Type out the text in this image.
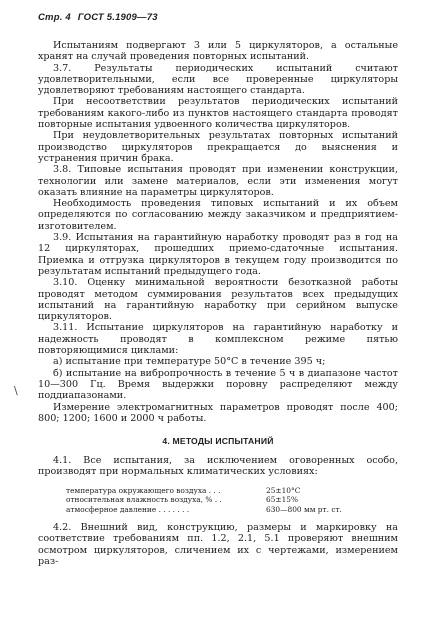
Стр. 4 ГОСТ 5.1909—73

Испытаниям подвергают 3 или 5 циркуляторов, а остальные хранят на случай проведения повторных испытаний.

3.7. Результаты периодических испытаний считают удовлетворительными, если все проверенные циркуляторы удовлетворяют требованиям настоящего стандарта.

При несоответствии результатов периодических испытаний требованиям какого-либо из пунктов настоящего стандарта проводят повторные испытания удвоенного количества циркуляторов.

При неудовлетворительных результатах повторных испытаний производство циркуляторов прекращается до выяснения и устранения причин брака.

3.8. Типовые испытания проводят при изменении конструкции, технологии или замене материалов, если эти изменения могут оказать влияние на параметры циркуляторов.

Необходимость проведения типовых испытаний и их объем определяются по согласованию между заказчиком и предприятием-изготовителем.

3.9. Испытания на гарантийную наработку проводят раз в год на 12 циркуляторах, прошедших приемо-сдаточные испытания. Приемка и отгрузка циркуляторов в текущем году производится по результатам испытаний предыдущего года.

3.10. Оценку минимальной вероятности безотказной работы проводят методом суммирования результатов всех предыдущих испытаний на гарантийную наработку при серийном выпуске циркуляторов.

3.11. Испытание циркуляторов на гарантийную наработку и надежность проводят в комплексном режиме пятью повторяющимися циклами:

а) испытание при температуре 50°С в течение 395 ч;

б) испытание на вибропрочность в течение 5 ч в диапазоне частот 10—300 Гц. Время выдержки поровну распределяют между поддиапазонами.

Измерение электромагнитных параметров проводят после 400; 800; 1200; 1600 и 2000 ч работы.

4. МЕТОДЫ ИСПЫТАНИЙ

4.1. Все испытания, за исключением оговоренных особо, производят при нормальных климатических условиях:

температура окружающего воздуха . . .	25±10°С
относительная влажность воздуха, % . .	65±15%
атмосферное давление . . . . . . .	630—800 мм рт. ст.

4.2. Внешний вид, конструкцию, размеры и маркировку на соответствие требованиям пп. 1.2, 2.1, 5.1 проверяют внешним осмотром циркуляторов, сличением их с чертежами, измерением раз-

\
